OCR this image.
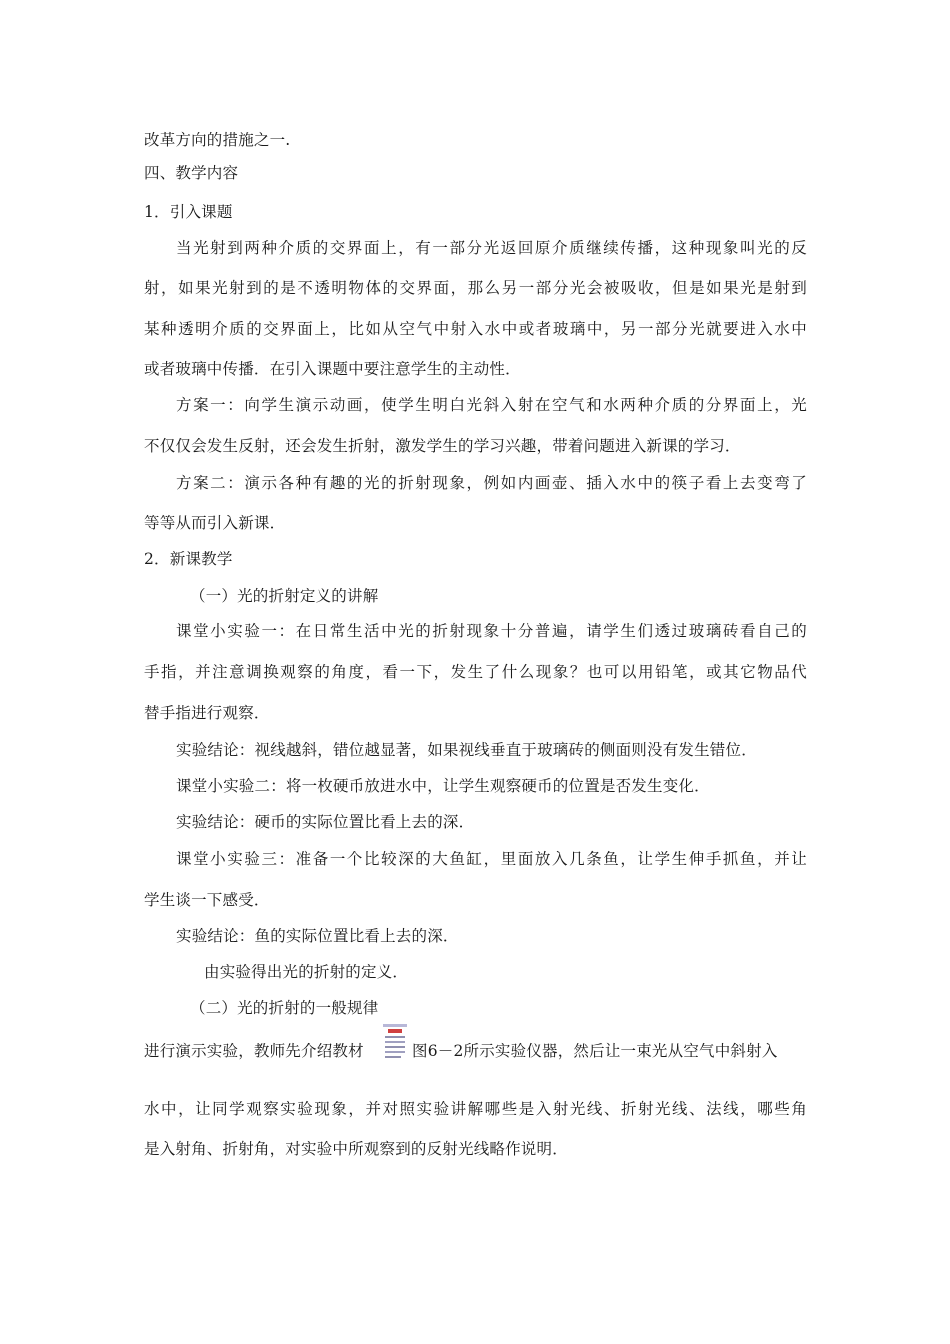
改革方向的措施之一.
四、教学内容
1．引入课题
当光射到两种介质的交界面上，有一部分光返回原介质继续传播，这种现象叫光的反
射，如果光射到的是不透明物体的交界面，那么另一部分光会被吸收，但是如果光是射到
某种透明介质的交界面上，比如从空气中射入水中或者玻璃中，另一部分光就要进入水中
或者玻璃中传播．在引入课题中要注意学生的主动性．
方案一：向学生演示动画，使学生明白光斜入射在空气和水两种介质的分界面上，光
不仅仅会发生反射，还会发生折射，激发学生的学习兴趣，带着问题进入新课的学习．
方案二：演示各种有趣的光的折射现象，例如内画壶、插入水中的筷子看上去变弯了
等等从而引入新课．
2．新课教学
（一）光的折射定义的讲解
课堂小实验一：在日常生活中光的折射现象十分普遍，请学生们透过玻璃砖看自己的
手指，并注意调换观察的角度，看一下，发生了什么现象？也可以用铅笔，或其它物品代
替手指进行观察．
实验结论：视线越斜，错位越显著，如果视线垂直于玻璃砖的侧面则没有发生错位．
课堂小实验二：将一枚硬币放进水中，让学生观察硬币的位置是否发生变化．
实验结论：硬币的实际位置比看上去的深．
课堂小实验三：准备一个比较深的大鱼缸，里面放入几条鱼，让学生伸手抓鱼，并让
学生谈一下感受．
实验结论：鱼的实际位置比看上去的深．
由实验得出光的折射的定义．
（二）光的折射的一般规律
进行演示实验，教师先介绍教材	图6－2所示实验仪器，然后让一束光从空气中斜射入
水中，让同学观察实验现象，并对照实验讲解哪些是入射光线、折射光线、法线，哪些角
是入射角、折射角，对实验中所观察到的反射光线略作说明．
